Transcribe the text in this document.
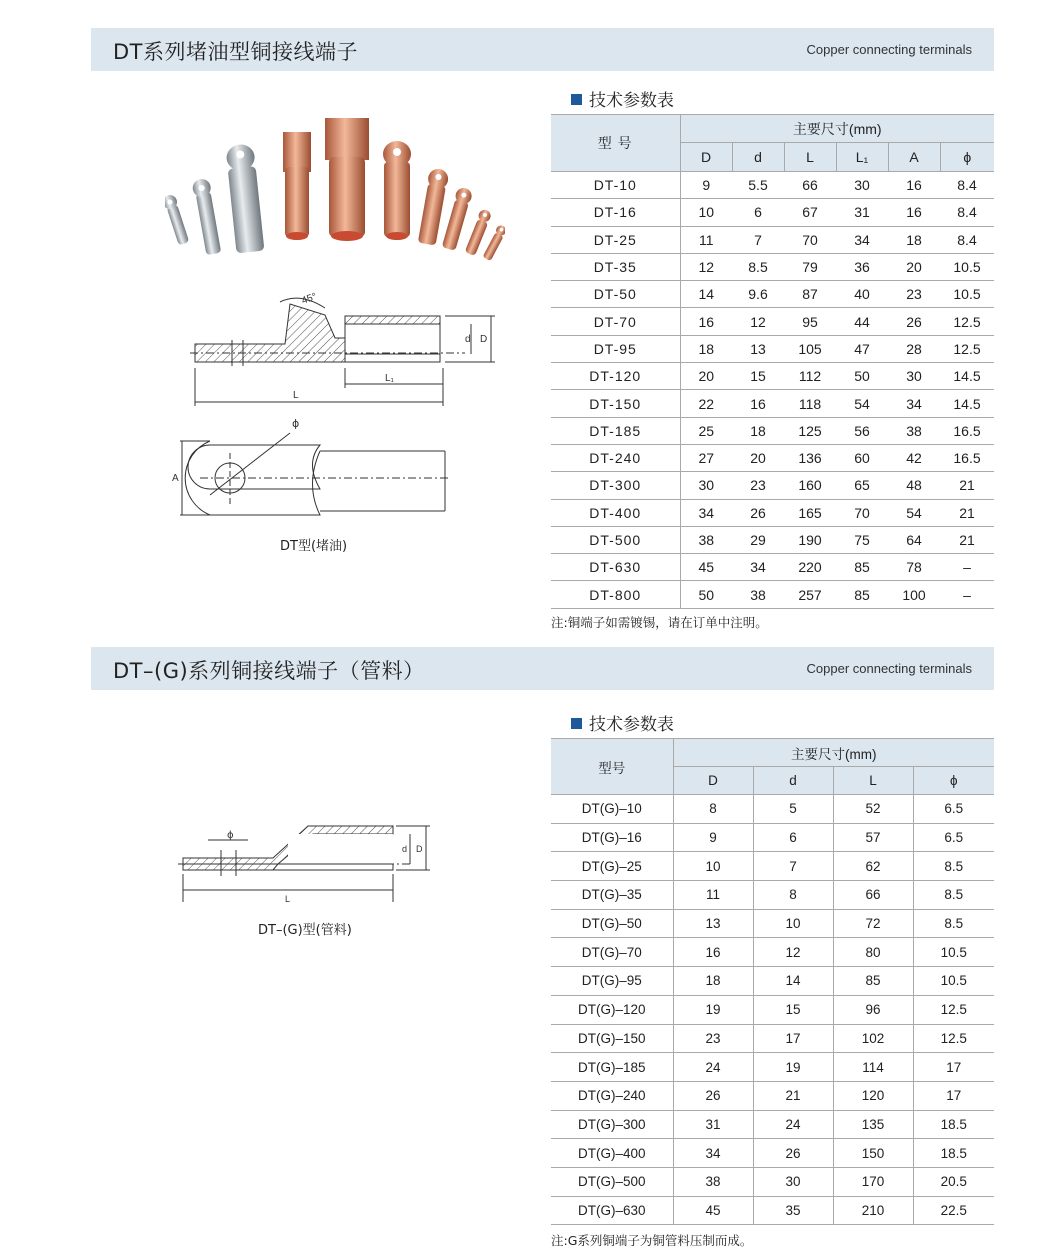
DT系列堵油型铜接线端子	Copper connecting terminals
45°
d D
L₁
L
ϕ
A
DT型(堵油)
技术参数表
型 号	主要尺寸(mm)					
	D	d	L	L₁	A	ϕ
DT-10	9	5.5	66	30	16	8.4
DT-16	10	6	67	31	16	8.4
DT-25	11	7	70	34	18	8.4
DT-35	12	8.5	79	36	20	10.5
DT-50	14	9.6	87	40	23	10.5
DT-70	16	12	95	44	26	12.5
DT-95	18	13	105	47	28	12.5
DT-120	20	15	112	50	30	14.5
DT-150	22	16	118	54	34	14.5
DT-185	25	18	125	56	38	16.5
DT-240	27	20	136	60	42	16.5
DT-300	30	23	160	65	48	21
DT-400	34	26	165	70	54	21
DT-500	38	29	190	75	64	21
DT-630	45	34	220	85	78	–
DT-800	50	38	257	85	100	–
注:铜端子如需镀锡，请在订单中注明。
DT–(G)系列铜接线端子（管料）	Copper connecting terminals
ϕ
d D
L
DT–(G)型(管料)
技术参数表
型号	主要尺寸(mm)			
	D	d	L	ϕ
DT(G)–10	8	5	52	6.5
DT(G)–16	9	6	57	6.5
DT(G)–25	10	7	62	8.5
DT(G)–35	11	8	66	8.5
DT(G)–50	13	10	72	8.5
DT(G)–70	16	12	80	10.5
DT(G)–95	18	14	85	10.5
DT(G)–120	19	15	96	12.5
DT(G)–150	23	17	102	12.5
DT(G)–185	24	19	114	17
DT(G)–240	26	21	120	17
DT(G)–300	31	24	135	18.5
DT(G)–400	34	26	150	18.5
DT(G)–500	38	30	170	20.5
DT(G)–630	45	35	210	22.5
注:G系列铜端子为铜管料压制而成。
